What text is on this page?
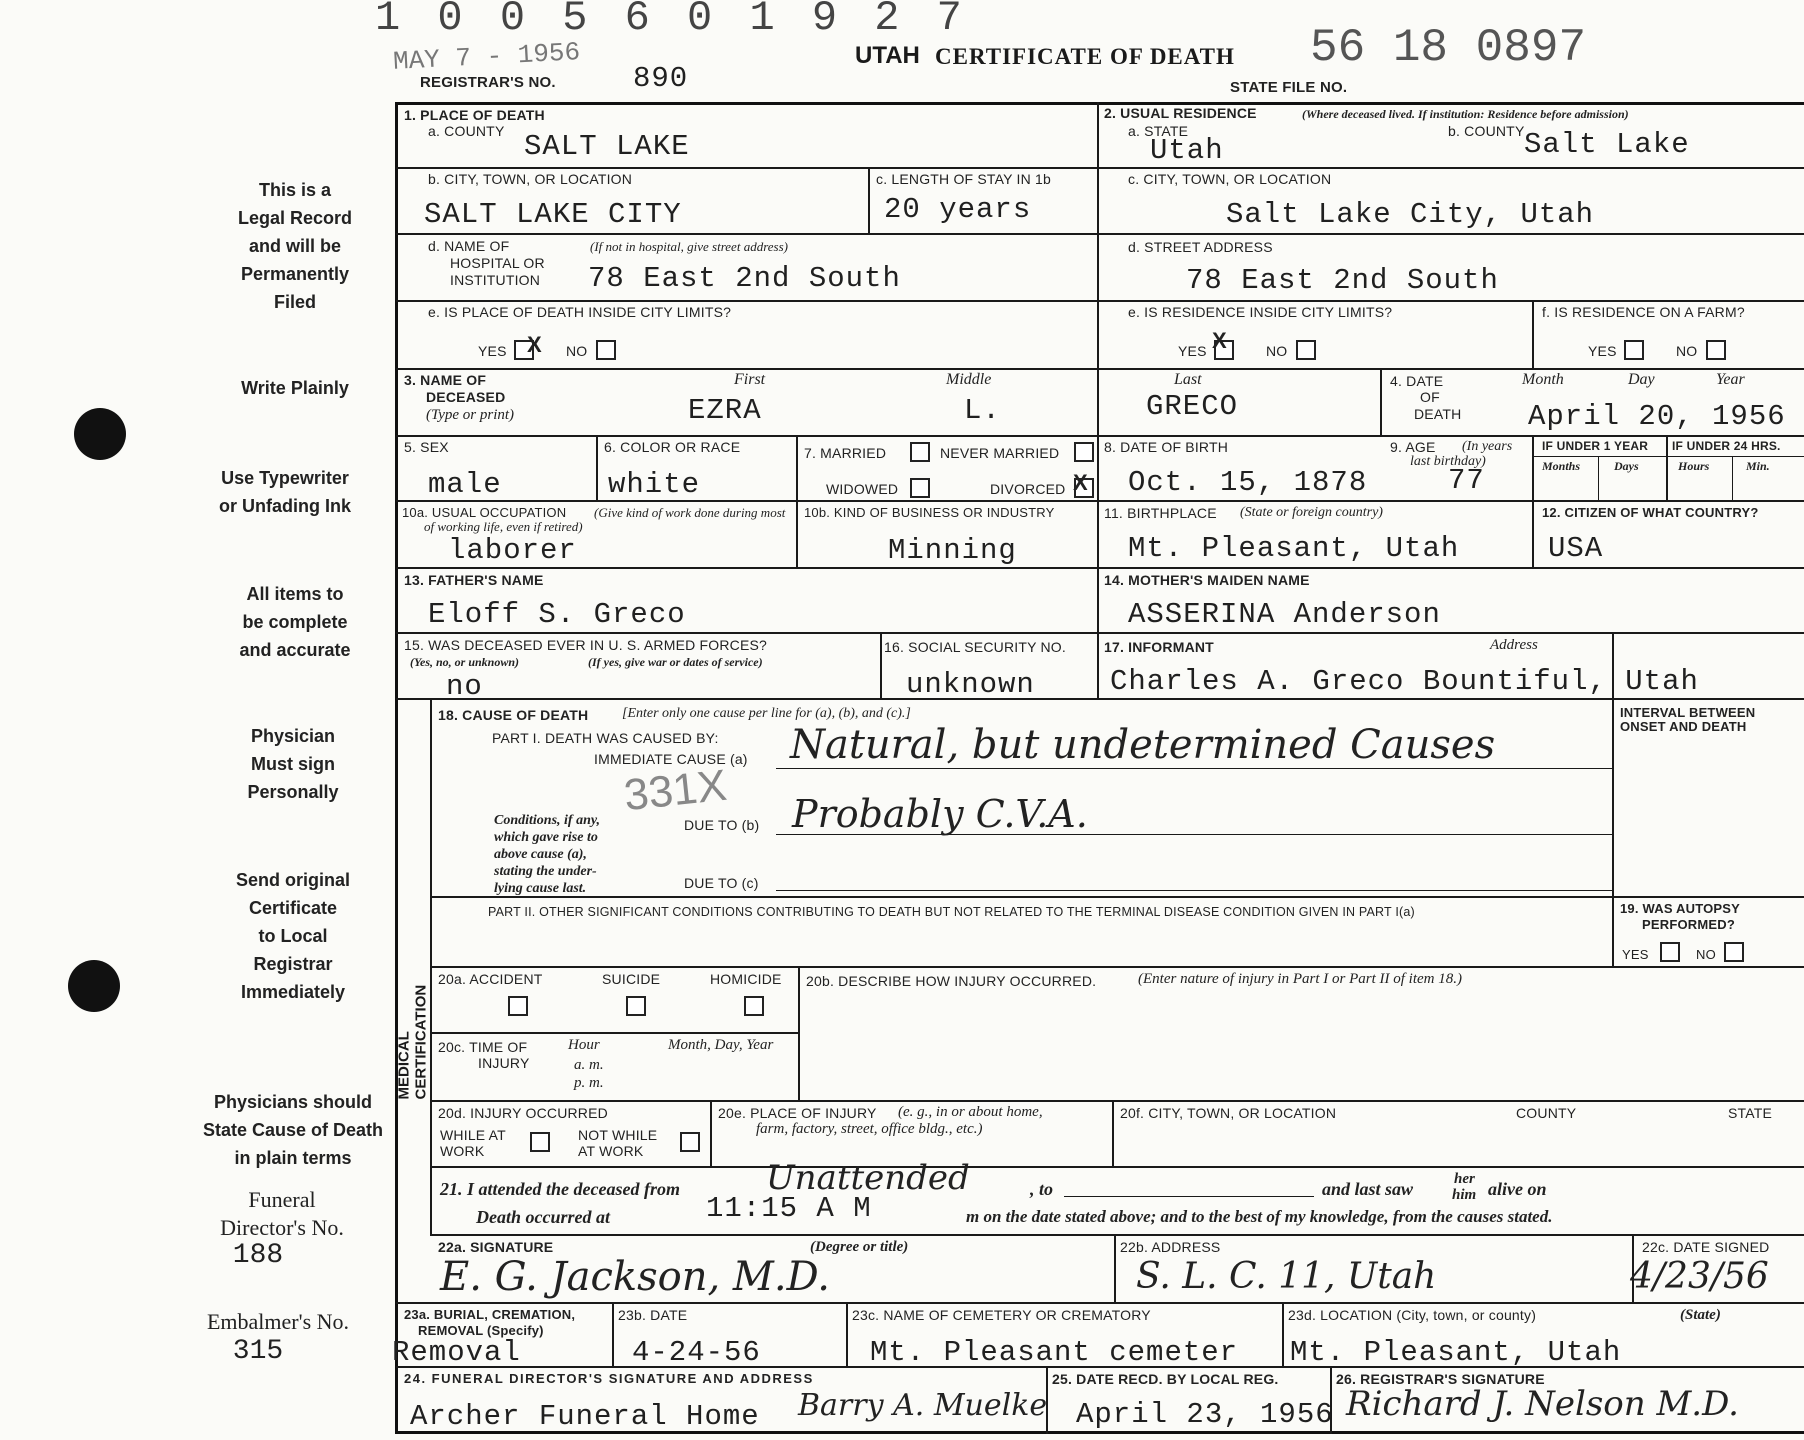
1 0 0 5 6 0 1 9 2 7
MAY 7 - 1956
REGISTRAR'S NO.	890
UTAH CERTIFICATE OF DEATH 56 18 0897
STATE FILE NO.
This is a
Legal Record
and will be
Permanently
Filed
Write Plainly
Use Typewriter
or Unfading Ink
All items to
be complete
and accurate
Physician
Must sign
Personally
Send original
Certificate
to Local
Registrar
Immediately
Physicians should
State Cause of Death
in plain terms
Funeral
Director's No.
188
Embalmer's No.
315
1. PLACE OF DEATH
a. COUNTY SALT LAKE
b. CITY, TOWN, OR LOCATION
SALT LAKE CITY
c. LENGTH OF STAY IN 1b
20 years
d. NAME OF
HOSPITAL OR
INSTITUTION
(If not in hospital, give street address)
78 East 2nd South
e. IS PLACE OF DEATH INSIDE CITY LIMITS?
YES X NO
2. USUAL RESIDENCE	(Where deceased lived. If institution: Residence before admission)
a. STATE
Utah
b. COUNTY Salt Lake
c. CITY, TOWN, OR LOCATION
Salt Lake City, Utah
d. STREET ADDRESS
78 East 2nd South
e. IS RESIDENCE INSIDE CITY LIMITS?
YES X	NO
f. IS RESIDENCE ON A FARM?
YES	NO
3. NAME OF
DECEASED
(Type or print)
First	Middle	Last
EZRA	L.	GRECO
4. DATE
OF
DEATH
Month	Day	Year
April 20, 1956
5. SEX
male
6. COLOR OR RACE
white
7. MARRIED	NEVER MARRIED
WIDOWED	DIVORCED X
8. DATE OF BIRTH
Oct. 15, 1878
9. AGE	(In years last birthday)
77
IF UNDER 1 YEAR IF UNDER 24 HRS.
Months	Days	Hours	Min.
10a. USUAL OCCUPATION	(Give kind of work done during most of working life, even if retired)
laborer
10b. KIND OF BUSINESS OR INDUSTRY
Minning
11. BIRTHPLACE (State or foreign country)
Mt. Pleasant, Utah
12. CITIZEN OF WHAT COUNTRY?
USA
13. FATHER'S NAME
Eloff S. Greco
14. MOTHER'S MAIDEN NAME
ASSERINA Anderson
15. WAS DECEASED EVER IN U. S. ARMED FORCES?
(Yes, no, or unknown)	(If yes, give war or dates of service)
no
16. SOCIAL SECURITY NO.
unknown
17. INFORMANT	Address
Charles A. Greco Bountiful, Utah
MEDICAL CERTIFICATION
18. CAUSE OF DEATH [Enter only one cause per line for (a), (b), and (c).]
PART I. DEATH WAS CAUSED BY:
IMMEDIATE CAUSE (a) Natural, but undetermined Causes
331X
Conditions, if any,
which gave rise to
above cause (a),
stating the under-
lying cause last.
DUE TO (b) Probably C.V.A.
DUE TO (c)
PART II. OTHER SIGNIFICANT CONDITIONS CONTRIBUTING TO DEATH BUT NOT RELATED TO THE TERMINAL DISEASE CONDITION GIVEN IN PART I(a)
INTERVAL BETWEEN
ONSET AND DEATH
19. WAS AUTOPSY
PERFORMED?
YES	NO
20a. ACCIDENT	SUICIDE	HOMICIDE 20b. DESCRIBE HOW INJURY OCCURRED.	(Enter nature of injury in Part I or Part II of item 18.)
20c. TIME OF
INJURY
Hour
a. m.
p. m.
Month, Day, Year
20d. INJURY OCCURRED
WHILE AT
WORK
NOT WHILE
AT WORK
20e. PLACE OF INJURY (e. g., in or about home,
farm, factory, street, office bldg., etc.)
20f. CITY, TOWN, OR LOCATION	COUNTY	STATE
21. I attended the deceased from	Unattended	, to	and last saw	her
him alive on
Death occurred at	11:15 A M	m on the date stated above; and to the best of my knowledge, from the causes stated.
22a. SIGNATURE	(Degree or title)
E. G. Jackson, M.D.
22b. ADDRESS
S. L. C. 11, Utah
22c. DATE SIGNED
4/23/56
23a. BURIAL, CREMATION,
REMOVAL (Specify)
Removal
23b. DATE
4-24-56
23c. NAME OF CEMETERY OR CREMATORY
Mt. Pleasant cemeter
23d. LOCATION (City, town, or county)	(State)
Mt. Pleasant, Utah
24. FUNERAL DIRECTOR'S SIGNATURE AND ADDRESS
Archer Funeral Home Barry A. Muelke
25. DATE RECD. BY LOCAL REG.
April 23, 1956
26. REGISTRAR'S SIGNATURE
Richard J. Nelson M.D.
